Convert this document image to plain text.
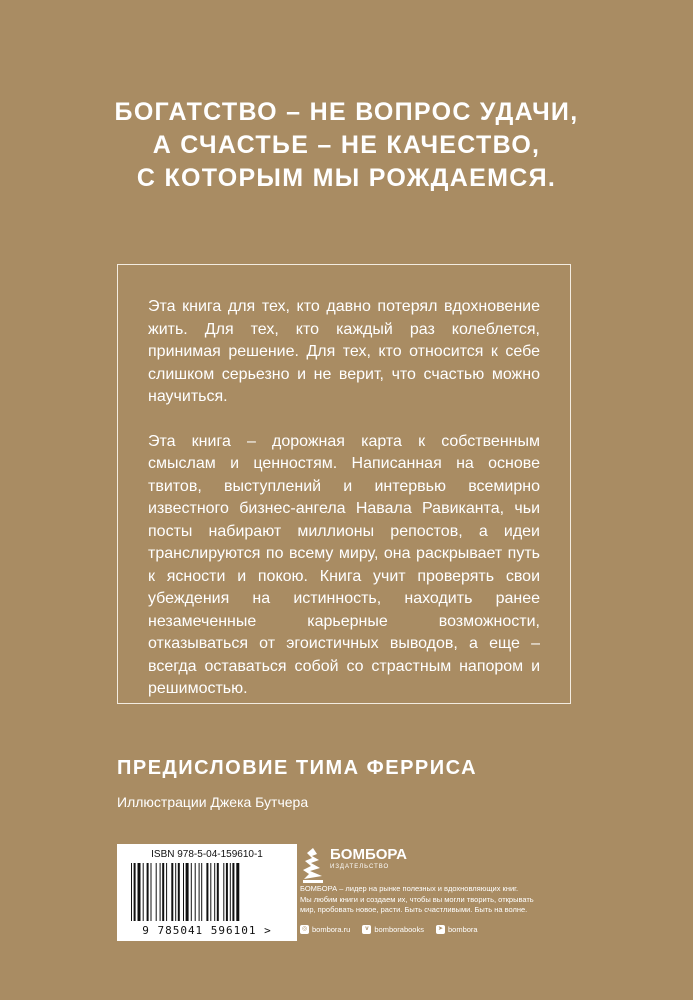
БОГАТСТВО – НЕ ВОПРОС УДАЧИ,
А СЧАСТЬЕ – НЕ КАЧЕСТВО,
С КОТОРЫМ МЫ РОЖДАЕМСЯ.

Эта книга для тех, кто давно потерял вдохновение жить. Для тех, кто каждый раз колеблется, принимая решение. Для тех, кто относится к себе слишком серьезно и не верит, что счастью можно научиться.

Эта книга – дорожная карта к собственным смыслам и ценностям. Написанная на основе твитов, выступлений и интервью всемирно известного бизнес-ангела Навала Равиканта, чьи посты набирают миллионы репостов, а идеи транслируются по всему миру, она раскрывает путь к ясности и покою. Книга учит проверять свои убеждения на истинность, находить ранее незамеченные карьерные возможности, отказываться от эгоистичных выводов, а еще – всегда оставаться собой со страстным напором и решимостью.

ПРЕДИСЛОВИЕ ТИМА ФЕРРИСА
Иллюстрации Джека Бутчера
ISBN 978-5-04-159610-1
9 785041 596101 >
БОМБОРА
ИЗДАТЕЛЬСТВО
БОМБОРА – лидер на рынке полезных и вдохновляющих книг.
Мы любим книги и создаем их, чтобы вы могли творить, открывать
мир, пробовать новое, расти. Быть счастливыми. Быть на волне.
◎ bombora.ru	v bomborabooks	➤ bombora
